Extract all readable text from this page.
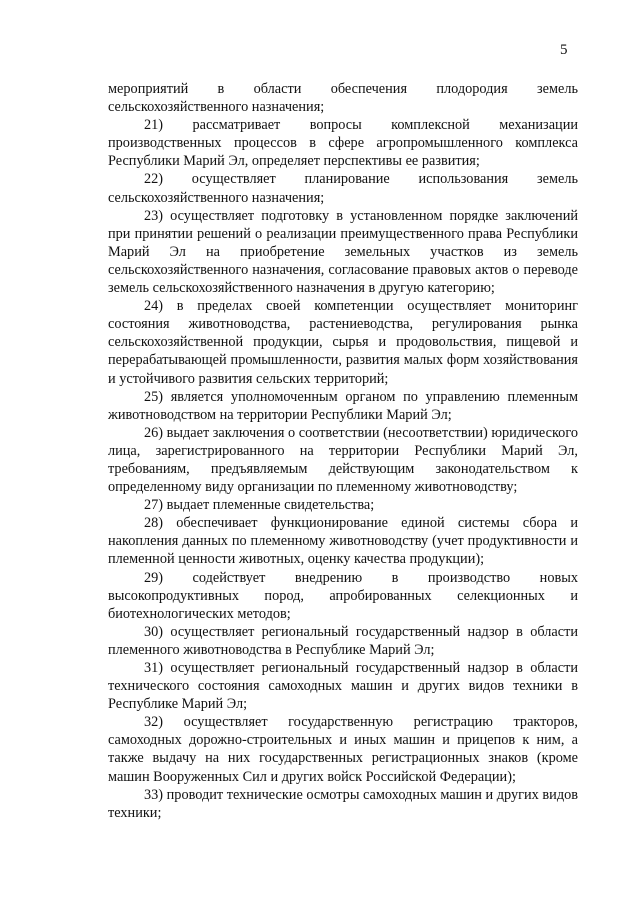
5

мероприятий в области обеспечения плодородия земель сельскохозяйственного назначения;

21) рассматривает вопросы комплексной механизации производственных процессов в сфере агропромышленного комплекса Республики Марий Эл, определяет перспективы ее развития;

22) осуществляет планирование использования земель сельскохозяйственного назначения;

23) осуществляет подготовку в установленном порядке заключений при принятии решений о реализации преимущественного права Республики Марий Эл на приобретение земельных участков из земель сельскохозяйственного назначения, согласование правовых актов о переводе земель сельскохозяйственного назначения в другую категорию;

24) в пределах своей компетенции осуществляет мониторинг состояния животноводства, растениеводства, регулирования рынка сельскохозяйственной продукции, сырья и продовольствия, пищевой и перерабатывающей промышленности, развития малых форм хозяйствования и устойчивого развития сельских территорий;

25) является уполномоченным органом по управлению племенным животноводством на территории Республики Марий Эл;

26) выдает заключения о соответствии (несоответствии) юридического лица, зарегистрированного на территории Республики Марий Эл, требованиям, предъявляемым действующим законодательством к определенному виду организации по племенному животноводству;

27) выдает племенные свидетельства;

28) обеспечивает функционирование единой системы сбора и накопления данных по племенному животноводству (учет продуктивности и племенной ценности животных, оценку качества продукции);

29) содействует внедрению в производство новых высокопродуктивных пород, апробированных селекционных и биотехнологических методов;

30) осуществляет региональный государственный надзор в области племенного животноводства в Республике Марий Эл;

31) осуществляет региональный государственный надзор в области технического состояния самоходных машин и других видов техники в Республике Марий Эл;

32) осуществляет государственную регистрацию тракторов, самоходных дорожно-строительных и иных машин и прицепов к ним, а также выдачу на них государственных регистрационных знаков (кроме машин Вооруженных Сил и других войск Российской Федерации);

33) проводит технические осмотры самоходных машин и других видов техники;
